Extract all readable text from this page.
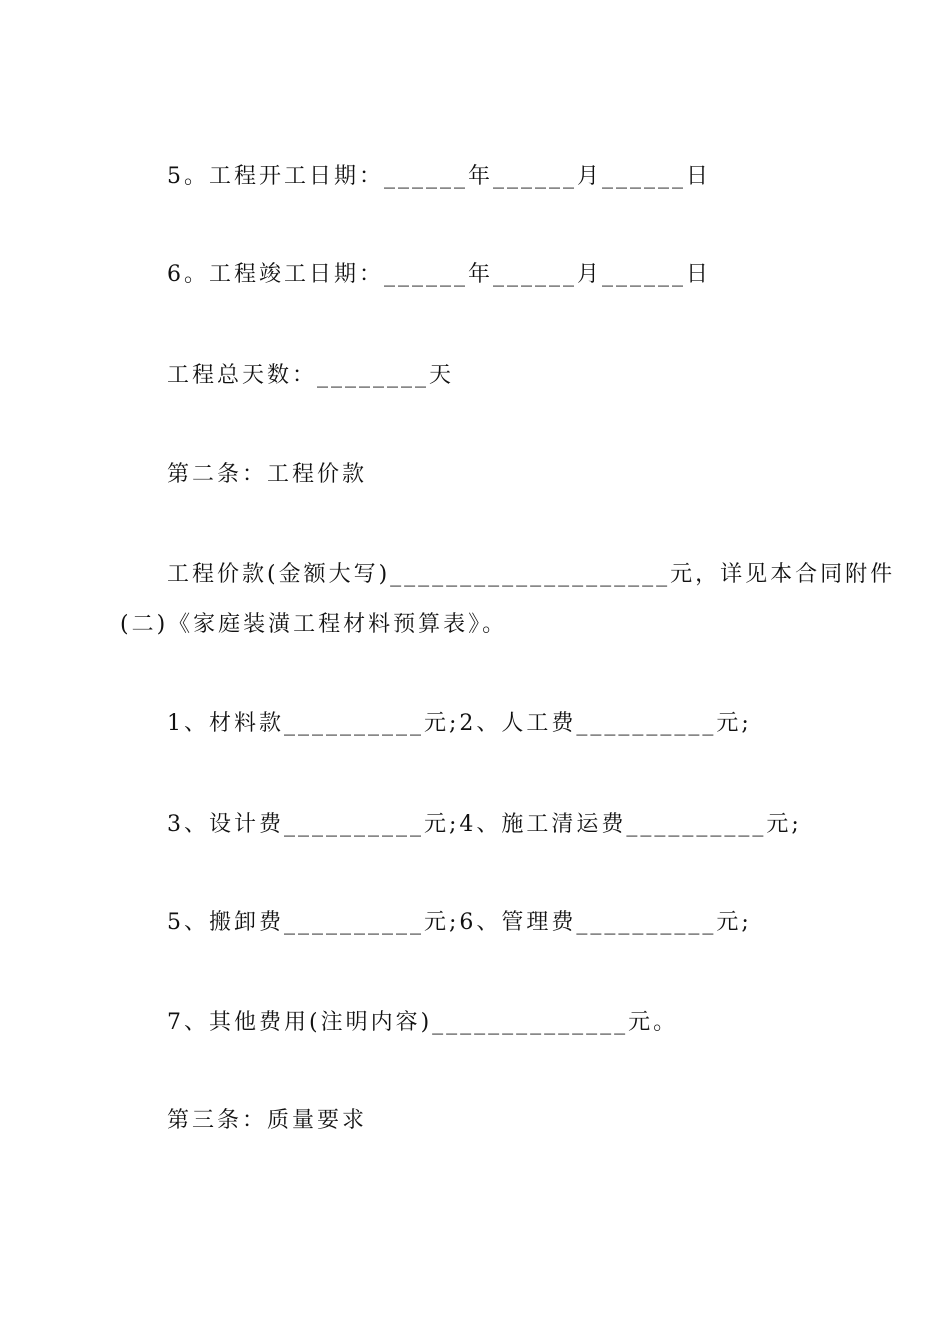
5。工程开工日期：______年______月______日
6。工程竣工日期：______年______月______日
工程总天数：________天
第二条：工程价款
工程价款(金额大写)____________________元，详见本合同附件
(二)《家庭装潢工程材料预算表》。
1、材料款__________元;2、人工费__________元;
3、设计费__________元;4、施工清运费__________元;
5、搬卸费__________元;6、管理费__________元;
7、其他费用(注明内容)______________元。
第三条：质量要求
